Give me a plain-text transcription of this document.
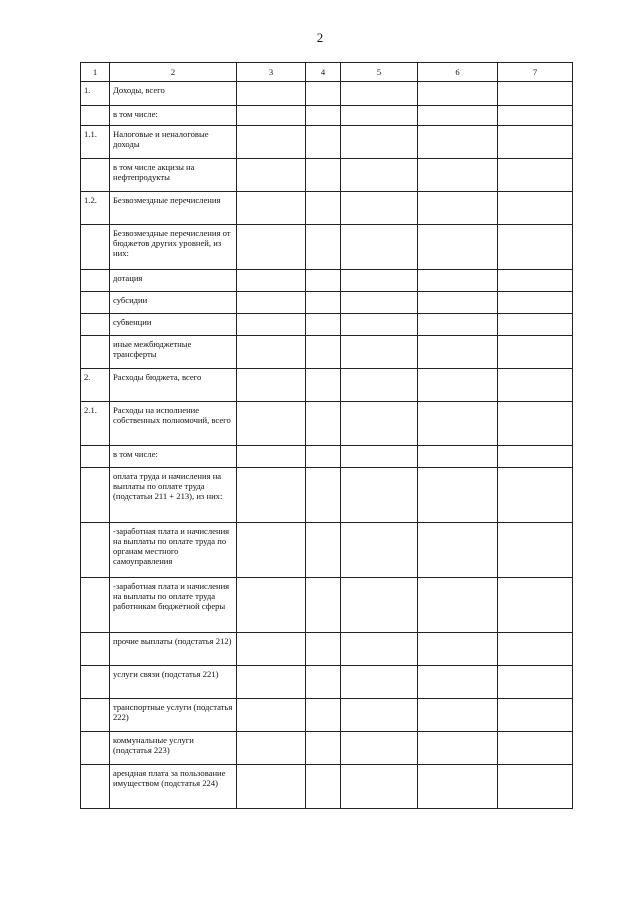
2
1	2	3	4	5	6	7
1.	Доходы, всего					
	в том числе:					
1.1.	Налоговые и неналоговые доходы					
	в том числе акцизы на нефтепродукты					
1.2.	Безвозмездные перечисления					
	Безвозмездные перечисления от бюджетов других уровней, из них:					
	дотация					
	субсидии					
	субвенции					
	иные межбюджетные трансферты					
2.	Расходы бюджета, всего					
2.1.	Расходы на исполнение собственных полномочий, всего					
	в том числе:					
	оплата труда и начисления на выплаты по оплате труда (подстатьи 211 + 213), из них:					
	-заработная плата и начисления на выплаты по оплате труда по органам местного самоуправления					
	-заработная плата и начисления на выплаты по оплате труда работникам бюджетной сферы					
	прочие выплаты (подстатья 212)					
	услуги связи (подстатья 221)					
	транспортные услуги (подстатья 222)					
	коммунальные услуги (подстатья 223)					
	арендная плата за пользование имуществом (подстатья 224)					
